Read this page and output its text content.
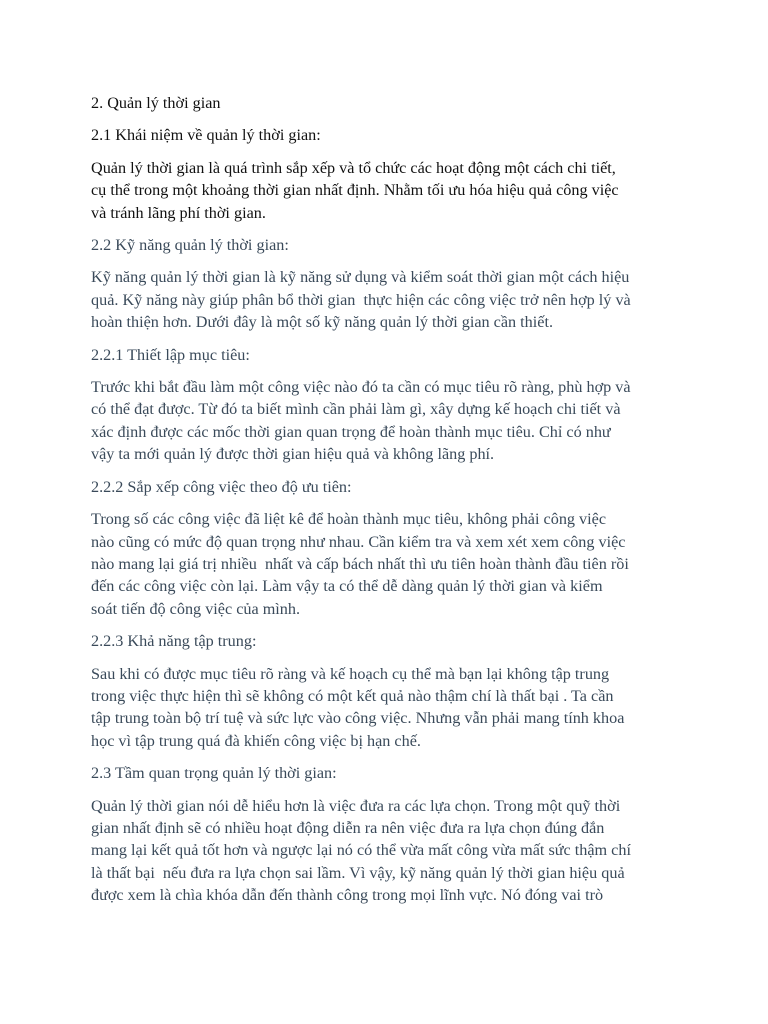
2. Quản lý thời gian
2.1 Khái niệm về quản lý thời gian:
Quản lý thời gian là quá trình sắp xếp và tổ chức các hoạt động một cách chi tiết,
cụ thể trong một khoảng thời gian nhất định. Nhằm tối ưu hóa hiệu quả công việc
và tránh lãng phí thời gian.
2.2 Kỹ năng quản lý thời gian:
Kỹ năng quản lý thời gian là kỹ năng sử dụng và kiểm soát thời gian một cách hiệu
quả. Kỹ năng này giúp phân bổ thời gian  thực hiện các công việc trở nên hợp lý và
hoàn thiện hơn. Dưới đây là một số kỹ năng quản lý thời gian cần thiết.
2.2.1 Thiết lập mục tiêu:
Trước khi bắt đầu làm một công việc nào đó ta cần có mục tiêu rõ ràng, phù hợp và
có thể đạt được. Từ đó ta biết mình cần phải làm gì, xây dựng kế hoạch chi tiết và
xác định được các mốc thời gian quan trọng để hoàn thành mục tiêu. Chỉ có như
vậy ta mới quản lý được thời gian hiệu quả và không lãng phí.
2.2.2 Sắp xếp công việc theo độ ưu tiên:
Trong số các công việc đã liệt kê để hoàn thành mục tiêu, không phải công việc
nào cũng có mức độ quan trọng như nhau. Cần kiểm tra và xem xét xem công việc
nào mang lại giá trị nhiều  nhất và cấp bách nhất thì ưu tiên hoàn thành đầu tiên rồi
đến các công việc còn lại. Làm vậy ta có thể dễ dàng quản lý thời gian và kiểm
soát tiến độ công việc của mình.
2.2.3 Khả năng tập trung:
Sau khi có được mục tiêu rõ ràng và kế hoạch cụ thể mà bạn lại không tập trung
trong việc thực hiện thì sẽ không có một kết quả nào thậm chí là thất bại . Ta cần
tập trung toàn bộ trí tuệ và sức lực vào công việc. Nhưng vẫn phải mang tính khoa
học vì tập trung quá đà khiến công việc bị hạn chế.
2.3 Tầm quan trọng quản lý thời gian:
Quản lý thời gian nói dễ hiểu hơn là việc đưa ra các lựa chọn. Trong một quỹ thời
gian nhất định sẽ có nhiều hoạt động diễn ra nên việc đưa ra lựa chọn đúng đắn
mang lại kết quả tốt hơn và ngược lại nó có thể vừa mất công vừa mất sức thậm chí
là thất bại  nếu đưa ra lựa chọn sai lầm. Vì vậy, kỹ năng quản lý thời gian hiệu quả
được xem là chìa khóa dẫn đến thành công trong mọi lĩnh vực. Nó đóng vai trò
